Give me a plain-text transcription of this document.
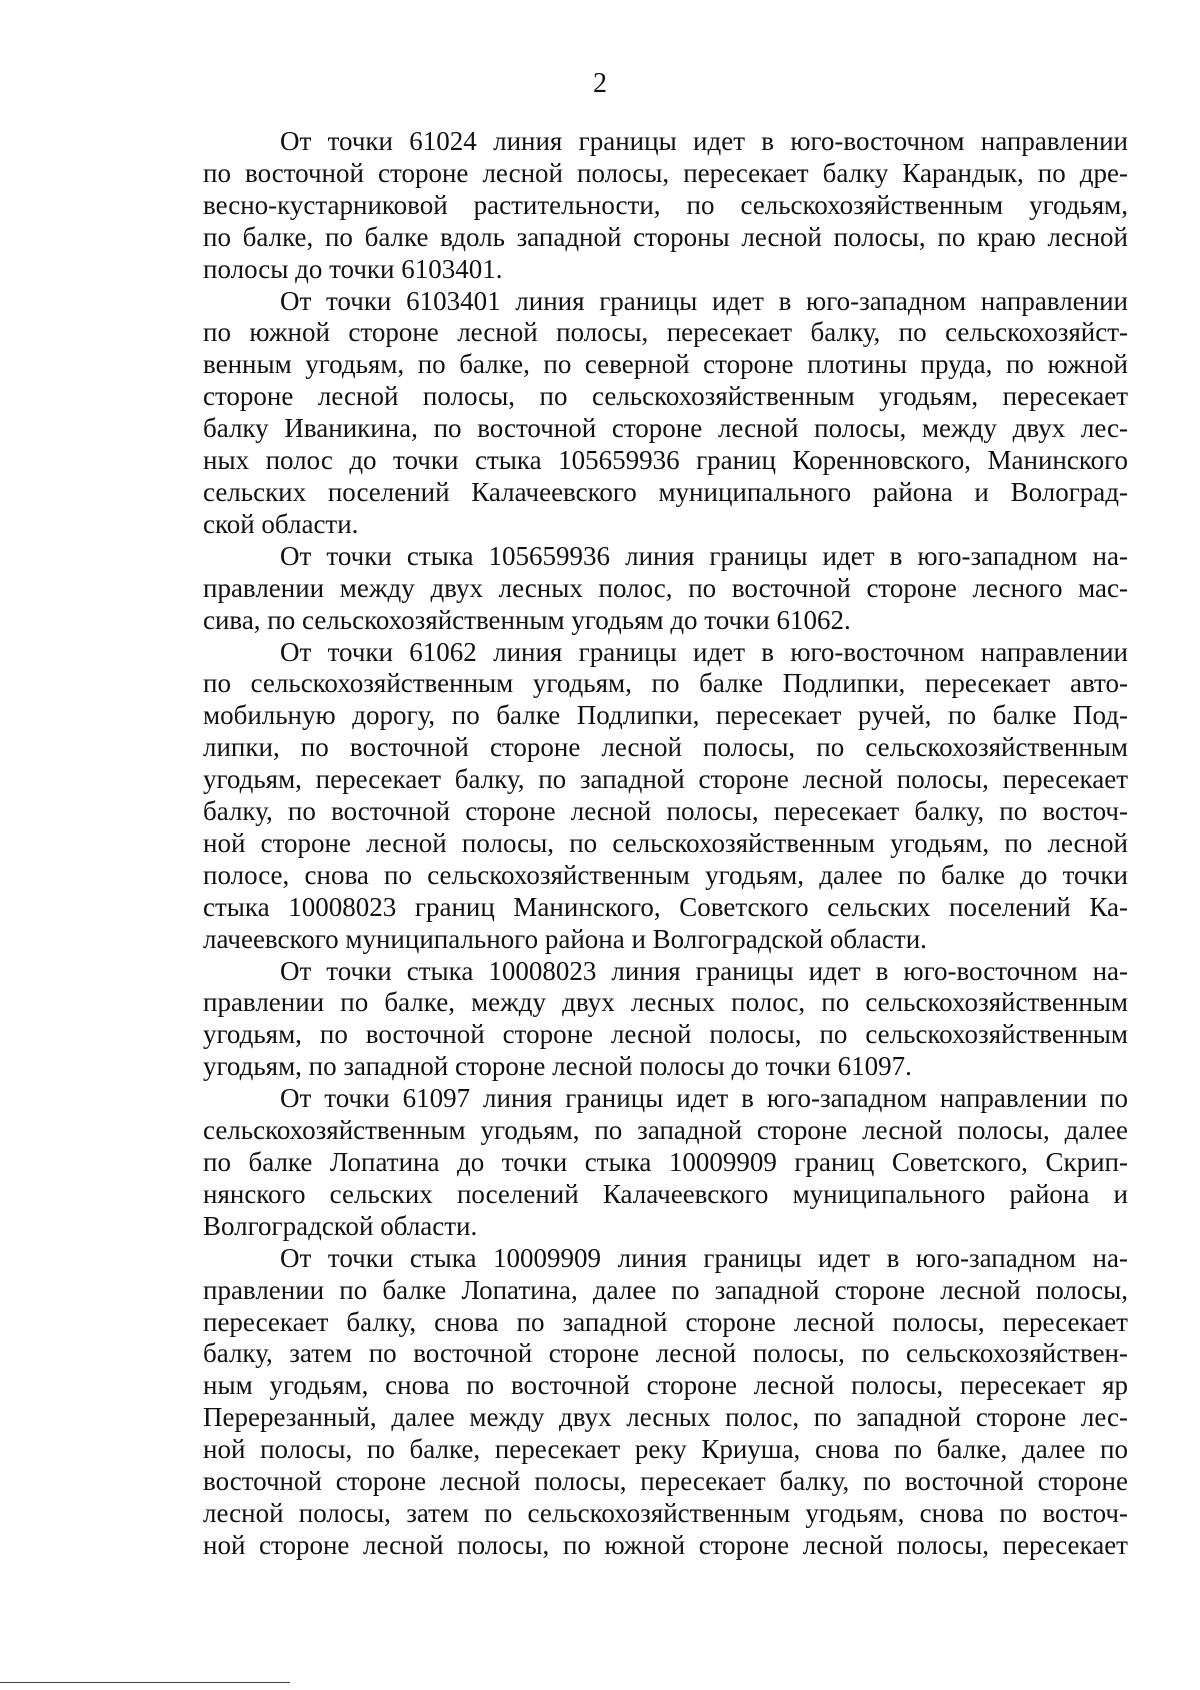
2

От точки 61024 линия границы идет в юго-восточном направлении
по восточной стороне лесной полосы, пересекает балку Карандык, по дре-
весно-кустарниковой растительности, по сельскохозяйственным угодьям,
по балке, по балке вдоль западной стороны лесной полосы, по краю лесной
полосы до точки 6103401.

От точки 6103401 линия границы идет в юго-западном направлении
по южной стороне лесной полосы, пересекает балку, по сельскохозяйст-
венным угодьям, по балке, по северной стороне плотины пруда, по южной
стороне лесной полосы, по сельскохозяйственным угодьям, пересекает
балку Иваникина, по восточной стороне лесной полосы, между двух лес-
ных полос до точки стыка 105659936 границ Коренновского, Манинского
сельских поселений Калачеевского муниципального района и Волоград-
ской области.

От точки стыка 105659936 линия границы идет в юго-западном на-
правлении между двух лесных полос, по восточной стороне лесного мас-
сива, по сельскохозяйственным угодьям до точки 61062.

От точки 61062 линия границы идет в юго-восточном направлении
по сельскохозяйственным угодьям, по балке Подлипки, пересекает авто-
мобильную дорогу, по балке Подлипки, пересекает ручей, по балке Под-
липки, по восточной стороне лесной полосы, по сельскохозяйственным
угодьям, пересекает балку, по западной стороне лесной полосы, пересекает
балку, по восточной стороне лесной полосы, пересекает балку, по восточ-
ной стороне лесной полосы, по сельскохозяйственным угодьям, по лесной
полосе, снова по сельскохозяйственным угодьям, далее по балке до точки
стыка 10008023 границ Манинского, Советского сельских поселений Ка-
лачеевского муниципального района и Волгоградской области.

От точки стыка 10008023 линия границы идет в юго-восточном на-
правлении по балке, между двух лесных полос, по сельскохозяйственным
угодьям, по восточной стороне лесной полосы, по сельскохозяйственным
угодьям, по западной стороне лесной полосы до точки 61097.

От точки 61097 линия границы идет в юго-западном направлении по
сельскохозяйственным угодьям, по западной стороне лесной полосы, далее
по балке Лопатина до точки стыка 10009909 границ Советского, Скрип-
нянского сельских поселений Калачеевского муниципального района и
Волгоградской области.

От точки стыка 10009909 линия границы идет в юго-западном на-
правлении по балке Лопатина, далее по западной стороне лесной полосы,
пересекает балку, снова по западной стороне лесной полосы, пересекает
балку, затем по восточной стороне лесной полосы, по сельскохозяйствен-
ным угодьям, снова по восточной стороне лесной полосы, пересекает яр
Перерезанный, далее между двух лесных полос, по западной стороне лес-
ной полосы, по балке, пересекает реку Криуша, снова по балке, далее по
восточной стороне лесной полосы, пересекает балку, по восточной стороне
лесной полосы, затем по сельскохозяйственным угодьям, снова по восточ-
ной стороне лесной полосы, по южной стороне лесной полосы, пересекает
